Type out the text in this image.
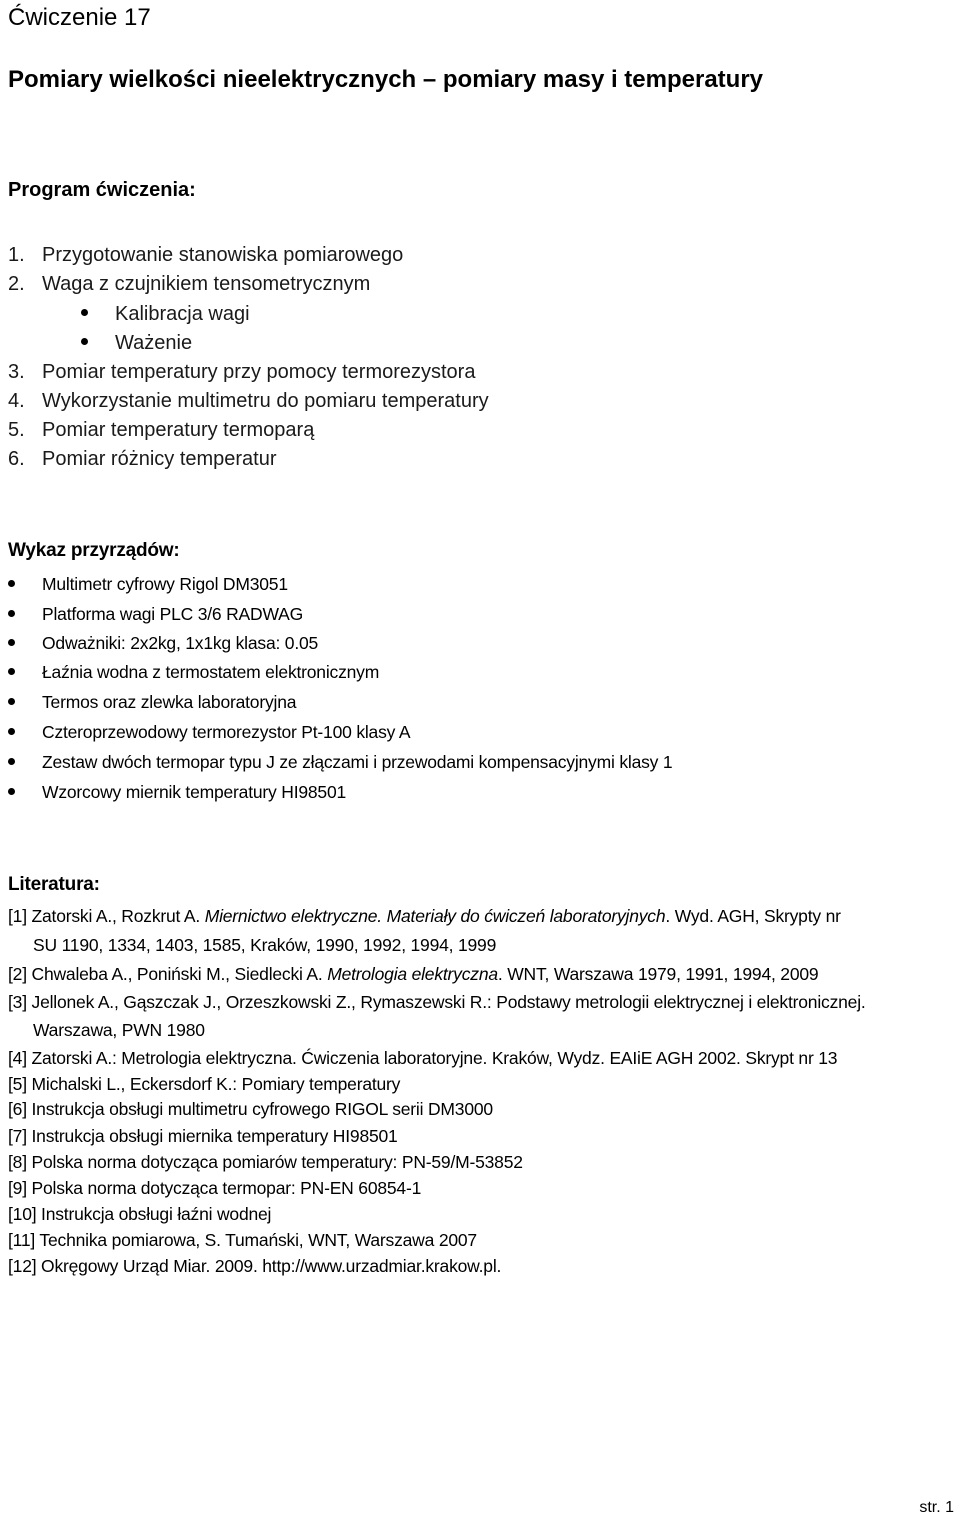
Ćwiczenie 17
Pomiary wielkości nieelektrycznych – pomiary masy i temperatury
Program ćwiczenia:
1. Przygotowanie stanowiska pomiarowego
2. Waga z czujnikiem tensometrycznym
Kalibracja wagi
Ważenie
3. Pomiar temperatury przy pomocy termorezystora
4. Wykorzystanie multimetru do pomiaru temperatury
5. Pomiar temperatury termoparą
6. Pomiar różnicy temperatur
Wykaz przyrządów:
Multimetr cyfrowy Rigol DM3051
Platforma wagi PLC 3/6 RADWAG
Odważniki: 2x2kg, 1x1kg klasa: 0.05
Łaźnia wodna z termostatem elektronicznym
Termos oraz zlewka laboratoryjna
Czteroprzewodowy termorezystor Pt-100 klasy A
Zestaw dwóch termopar typu J ze złączami i przewodami kompensacyjnymi klasy 1
Wzorcowy miernik temperatury HI98501
Literatura:
[1] Zatorski A., Rozkrut A. Miernictwo elektryczne. Materiały do ćwiczeń laboratoryjnych. Wyd. AGH, Skrypty nr
SU 1190, 1334, 1403, 1585, Kraków, 1990, 1992, 1994, 1999
[2] Chwaleba A., Poniński M., Siedlecki A. Metrologia elektryczna. WNT, Warszawa 1979, 1991, 1994, 2009
[3] Jellonek A., Gąszczak J., Orzeszkowski Z., Rymaszewski R.: Podstawy metrologii elektrycznej i elektronicznej.
Warszawa, PWN 1980
[4] Zatorski A.: Metrologia elektryczna. Ćwiczenia laboratoryjne. Kraków, Wydz. EAIiE AGH 2002. Skrypt nr 13
[5] Michalski L., Eckersdorf K.: Pomiary temperatury
[6] Instrukcja obsługi multimetru cyfrowego RIGOL serii DM3000
[7] Instrukcja obsługi miernika temperatury HI98501
[8] Polska norma dotycząca pomiarów temperatury: PN-59/M-53852
[9] Polska norma dotycząca termopar: PN-EN 60854-1
[10] Instrukcja obsługi łaźni wodnej
[11] Technika pomiarowa, S. Tumański, WNT, Warszawa 2007
[12] Okręgowy Urząd Miar. 2009. http://www.urzadmiar.krakow.pl.
str. 1
